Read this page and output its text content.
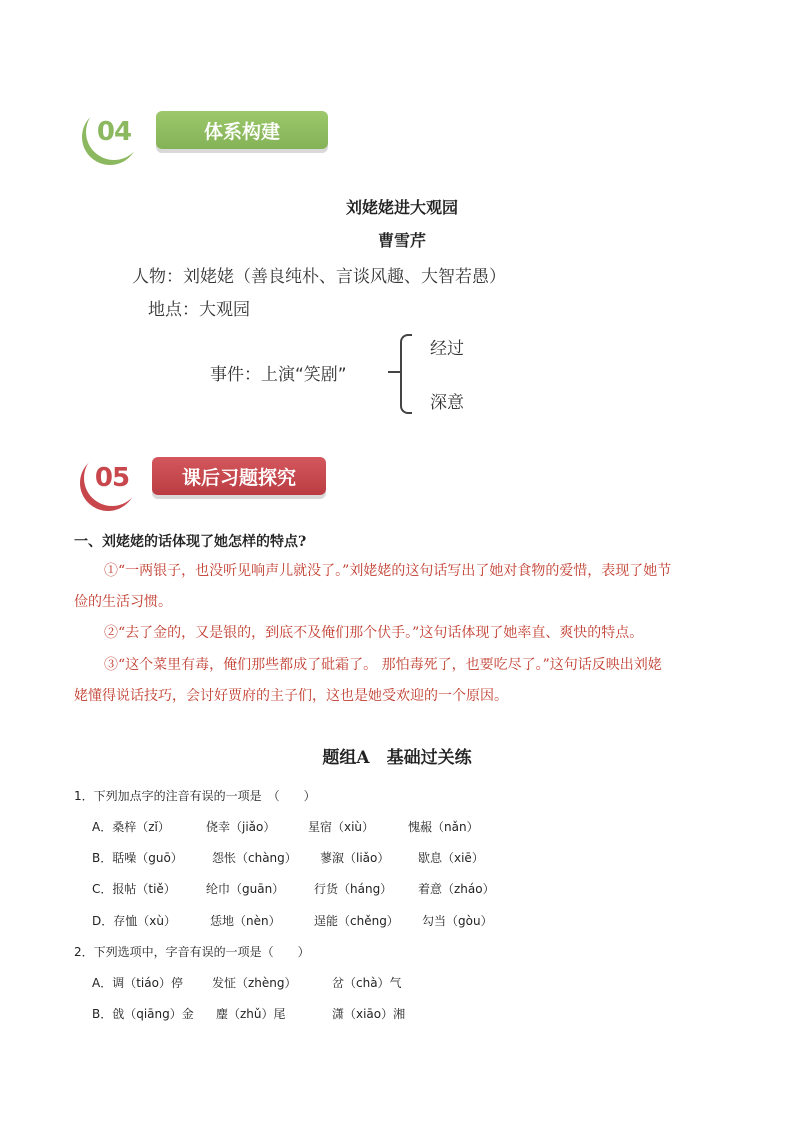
04	体系构建
刘姥姥进大观园
曹雪芹
人物：刘姥姥（善良纯朴、言谈风趣、大智若愚）
地点：大观园
事件：上演“笑剧”
经过
深意
05	课后习题探究
一、刘姥姥的话体现了她怎样的特点?
①“一两银子，也没听见响声儿就没了。”刘姥姥的这句话写出了她对食物的爱惜，表现了她节
俭的生活习惯。
②“去了金的，又是银的，到底不及俺们那个伏手。”这句话体现了她率直、爽快的特点。
③“这个菜里有毒，俺们那些都成了砒霜了。 那怕毒死了，也要吃尽了。”这句话反映出刘姥
姥懂得说话技巧，会讨好贾府的主子们，这也是她受欢迎的一个原因。
题组A　基础过关练
1．下列加点字的注音有误的一项是　（　　）
A．桑梓（zǐ）	侥幸（jiǎo）	星宿（xiù）	愧赧（nǎn）
B．聒噪（guō） 怨怅（chàng） 蓼溆（liǎo） 歇息（xiē）
C．报帖（tiě）	纶巾（guān） 行货（háng） 着意（zháo）
D．存恤（xù）	恁地（nèn）	逞能（chěng） 勾当（gòu）
2．下列选项中，字音有误的一项是（　　）
A．调（tiáo）停 发怔（zhèng）	岔（chà）气
B．戗（qiāng）金 麈（zhǔ）尾	潇（xiāo）湘
